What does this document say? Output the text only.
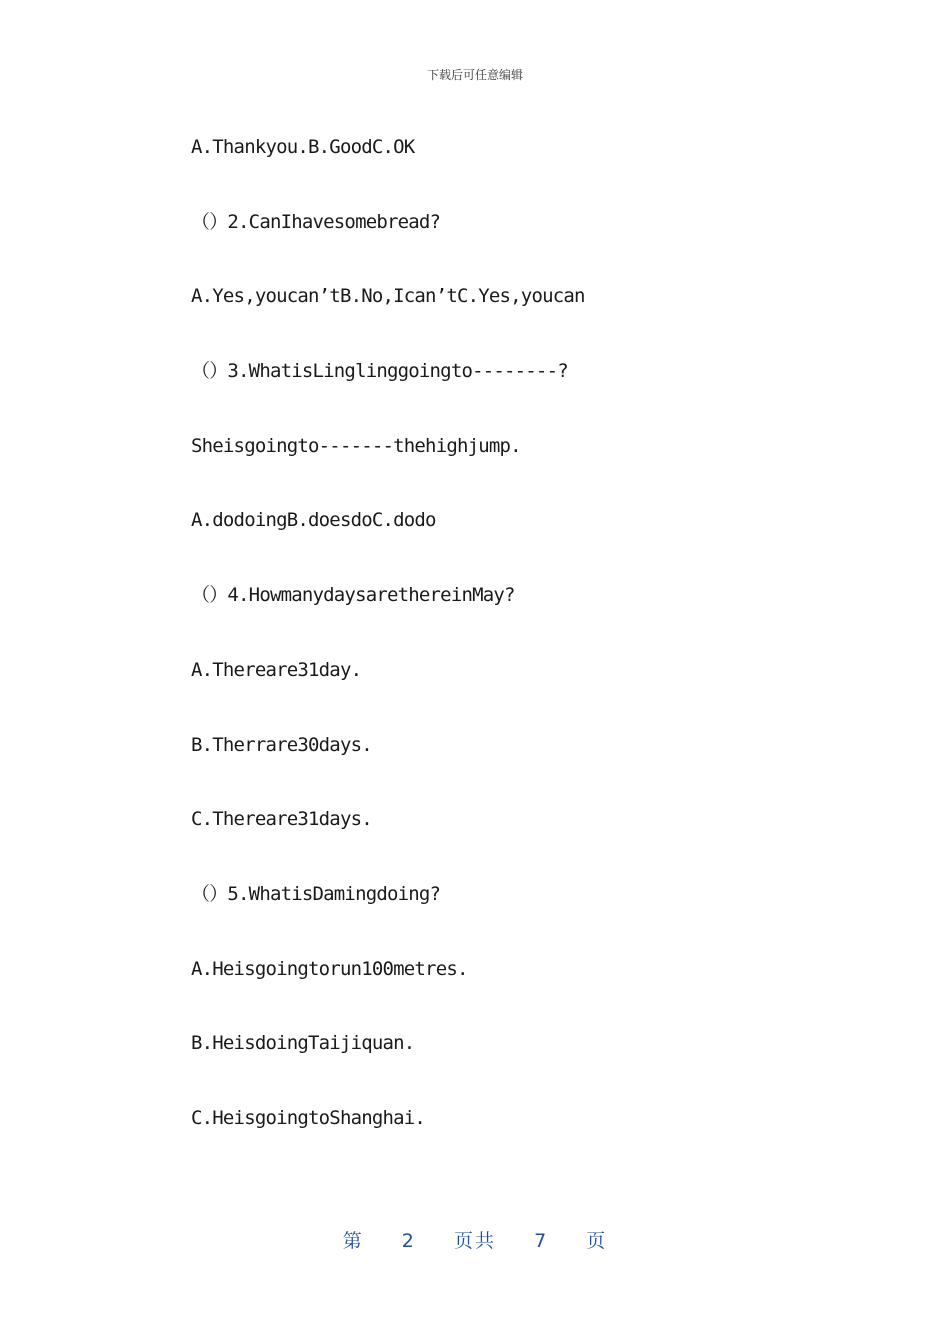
下载后可任意编辑
A.Thankyou.B.GoodC.OK
（）2.CanIhavesomebread?
A.Yes,youcan’tB.No,Ican’tC.Yes,youcan
（）3.WhatisLinglinggoingto--------?
Sheisgoingto-------thehighjump.
A.dodoingB.doesdoC.dodo
（）4.HowmanydaysarethereinMay?
A.Thereare31day.
B.Therrare30days.
C.Thereare31days.
（）5.WhatisDamingdoing?
A.Heisgoingtorun100metres.
B.HeisdoingTaijiquan.
C.HeisgoingtoShanghai.
第 2 页共 7 页
